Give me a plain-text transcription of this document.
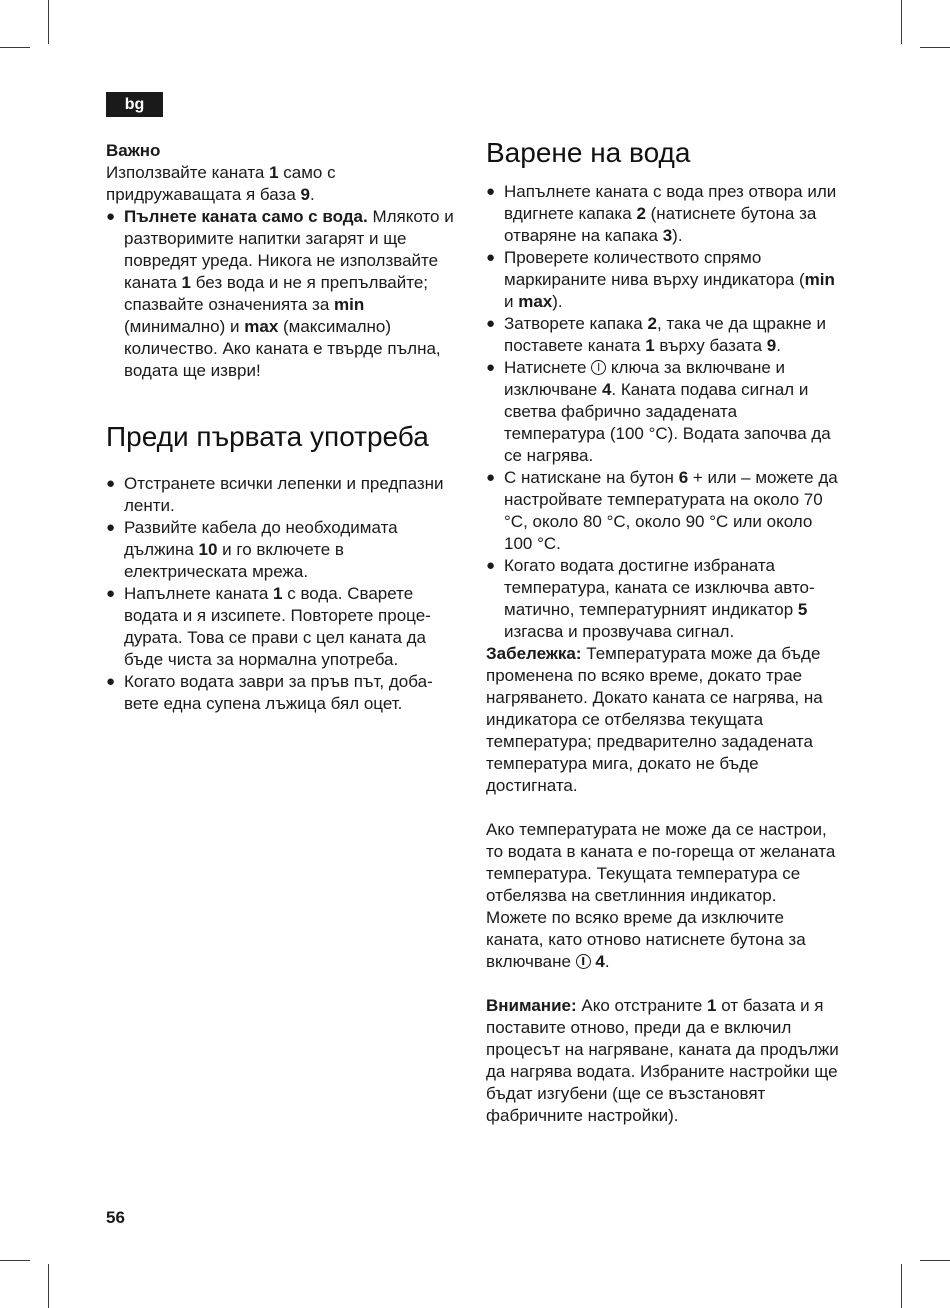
bg

Важно

Използвайте каната 1 само с
придружаващата я база 9.

● Пълнете каната само с вода. Млякото и разтворимите напитки загарят и ще повредят уреда. Никога не използвайте каната 1 без вода и не я препълвайте; спазвайте означенията за min (минимално) и max (максимално) количество. Ако каната е твърде пълна, водата ще изври!
Преди първата употреба
● Отстранете всички лепенки и предпазни ленти.
● Развийте кабела до необходимата дължина 10 и го включете в електрическата мрежа.
● Напълнете каната 1 с вода. Сварете водата и я изсипете. Повторете процедурата. Това се прави с цел каната да бъде чиста за нормална употреба.
● Когато водата заври за пръв път, добавете една супена лъжица бял оцет.
Варене на вода
● Напълнете каната с вода през отвора или вдигнете капака 2 (натиснете бутона за отваряне на капака 3).
● Проверете количеството спрямо маркираните нива върху индикатора (min и max).
● Затворете капака 2, така че да щракне и поставете каната 1 върху базата 9.
● Натиснете  ключа за включване и изключване 4. Каната подава сигнал и светва фабрично зададената температура (100 °C). Водата започва да се нагрява.
● С натискане на бутон 6 + или – можете да настройвате температурата на около 70 °C, около 80 °C, около 90 °C или около 100 °C.
● Когато водата достигне избраната температура, каната се изключва автоматично, температурният индикатор 5 изгасва и прозвучава сигнал.

Забележка: Температурата може да бъде променена по всяко време, докато трае нагряването. Докато каната се нагрява, на индикатора се отбелязва текущата температура; предварително зададената температура мига, докато не бъде достигната.

Ако температурата не може да се настрои, то водата в каната е по-гореща от желаната температура. Текущата температура се отбелязва на светлинния индикатор.

Можете по всяко време да изключите каната, като отново натиснете бутона за включване  4.

Внимание: Ако отстраните 1 от базата и я поставите отново, преди да е включил процесът на нагряване, каната да продължи да нагрява водата. Избраните настройки ще бъдат изгубени (ще се възстановят фабричните настройки).

56
